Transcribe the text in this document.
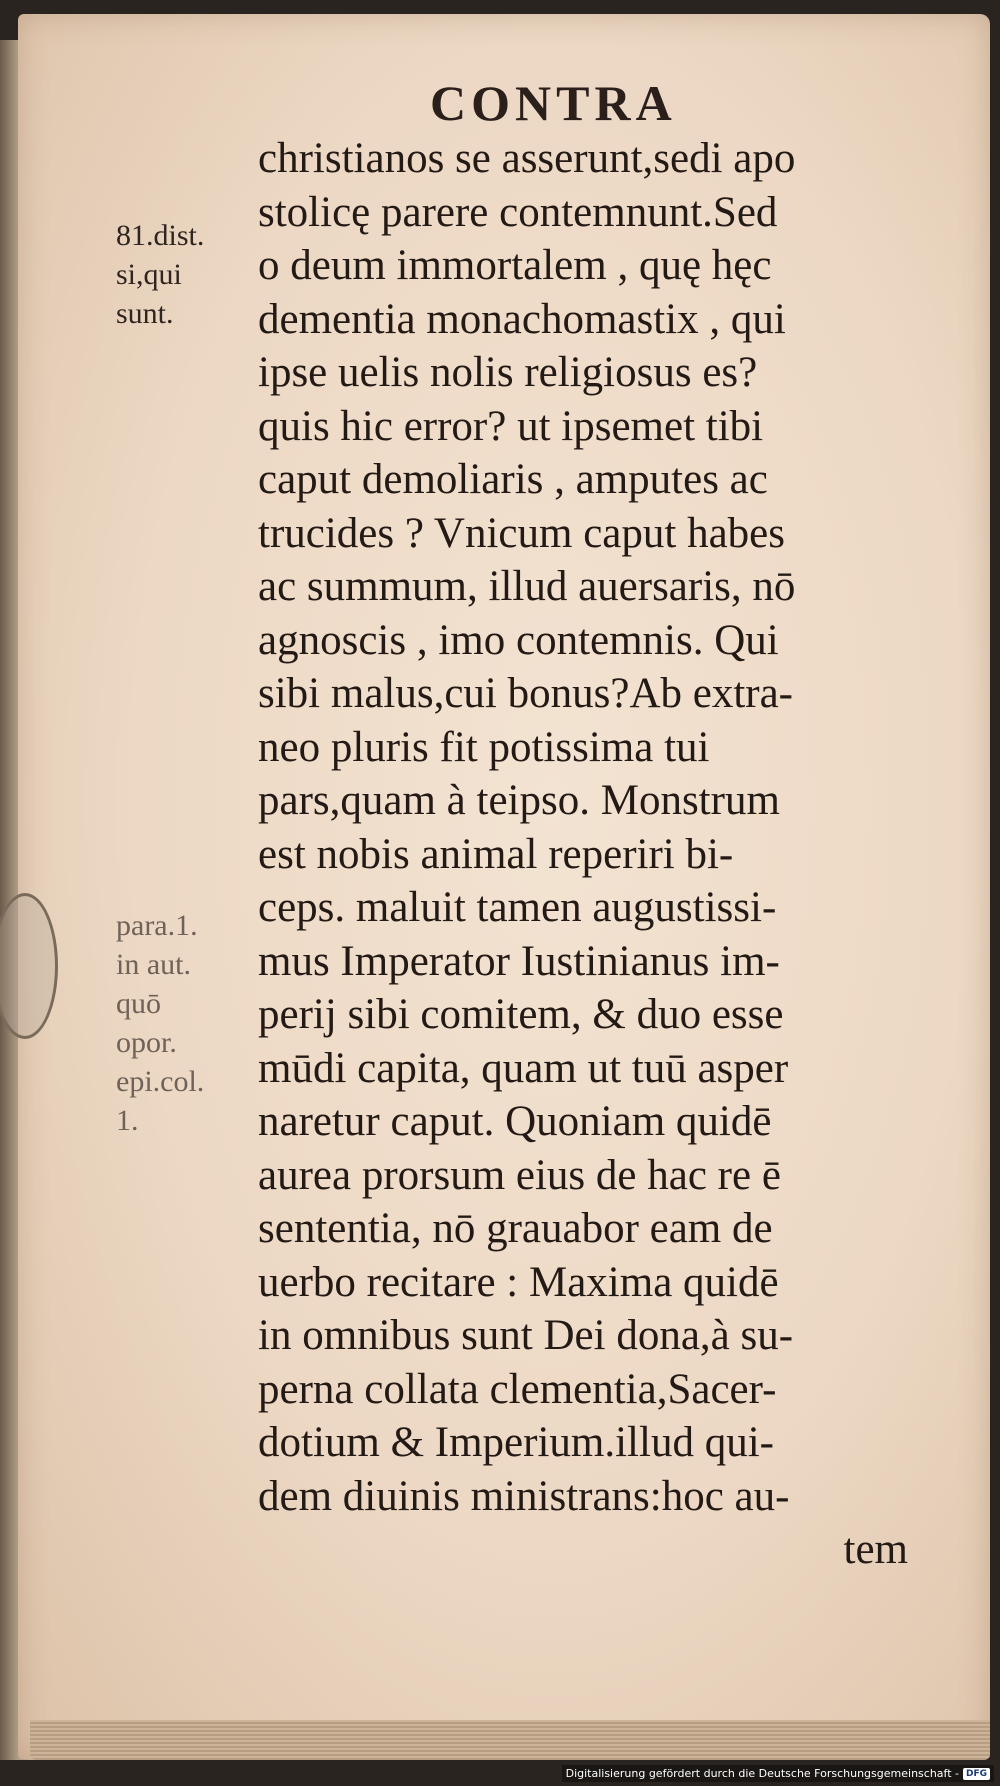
CONTRA
81.dist.
si,qui
sunt.
para.1.
in aut.
quō
opor.
epi.col.
1.
christianos se asserunt,sedi apo
stolicę parere contemnunt.Sed
o deum immortalem , quę hęc
dementia monachomastix , qui
ipse uelis nolis religiosus es?
quis hic error? ut ipsemet tibi
caput demoliaris , amputes ac
trucides ? Vnicum caput habes
ac summum, illud auersaris, nō
agnoscis , imo contemnis. Qui
sibi malus,cui bonus?Ab extra-
neo pluris fit potissima tui
pars,quam à teipso. Monstrum
est nobis animal reperiri bi-
ceps. maluit tamen augustissi-
mus Imperator Iustinianus im-
perij sibi comitem, & duo esse
mūdi capita, quam ut tuū asper
naretur caput. Quoniam quidē
aurea prorsum eius de hac re ē
sententia, nō grauabor eam de
uerbo recitare : Maxima quidē
in omnibus sunt Dei dona,à su-
perna collata clementia,Sacer-
dotium & Imperium.illud qui-
dem diuinis ministrans:hoc au-
tem
Digitalisierung gefördert durch die Deutsche Forschungsgemeinschaft - DFG
